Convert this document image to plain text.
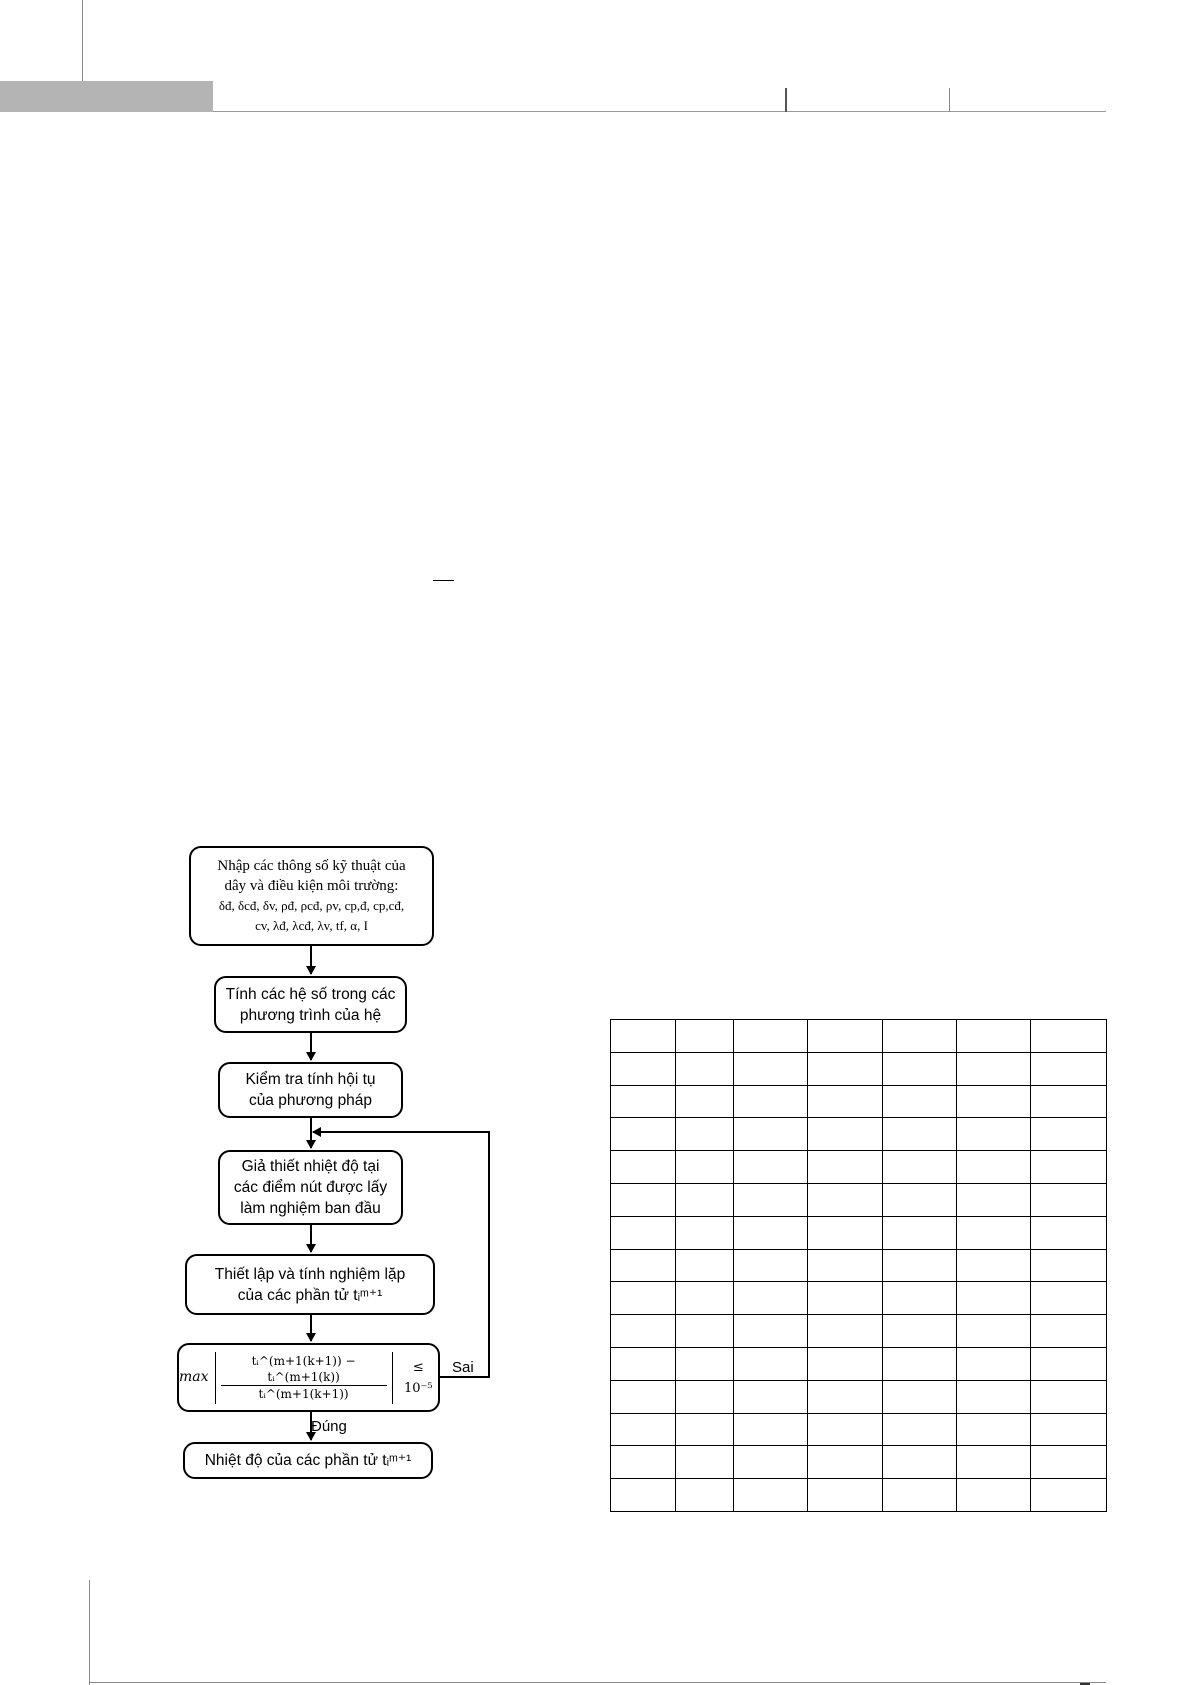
Nhập các thông số kỹ thuật của
dây và điều kiện môi trường:
δđ, δcđ, δv, ρđ, ρcđ, ρv, cp,đ, cp,cđ,
cv, λđ, λcđ, λv, tf, α, I
Tính các hệ số trong các
phương trình của hệ
Kiểm tra tính hội tụ
của phương pháp
Giả thiết nhiệt độ tại
các điểm nút được lấy
làm nghiệm ban đầu
Thiết lập và tính nghiệm lặp
của các phần tử tᵢᵐ⁺¹
$\max \frac{\text{tᵢ\textasciicircum{}(m+1(k+1)) − tᵢ\textasciicircum{}(m+1(k))}}{\text{tᵢ\textasciicircum{}(m+1(k+1))}}$	≤ 10⁻⁵
Nhiệt độ của các phần tử tᵢᵐ⁺¹
Sai
Đúng
